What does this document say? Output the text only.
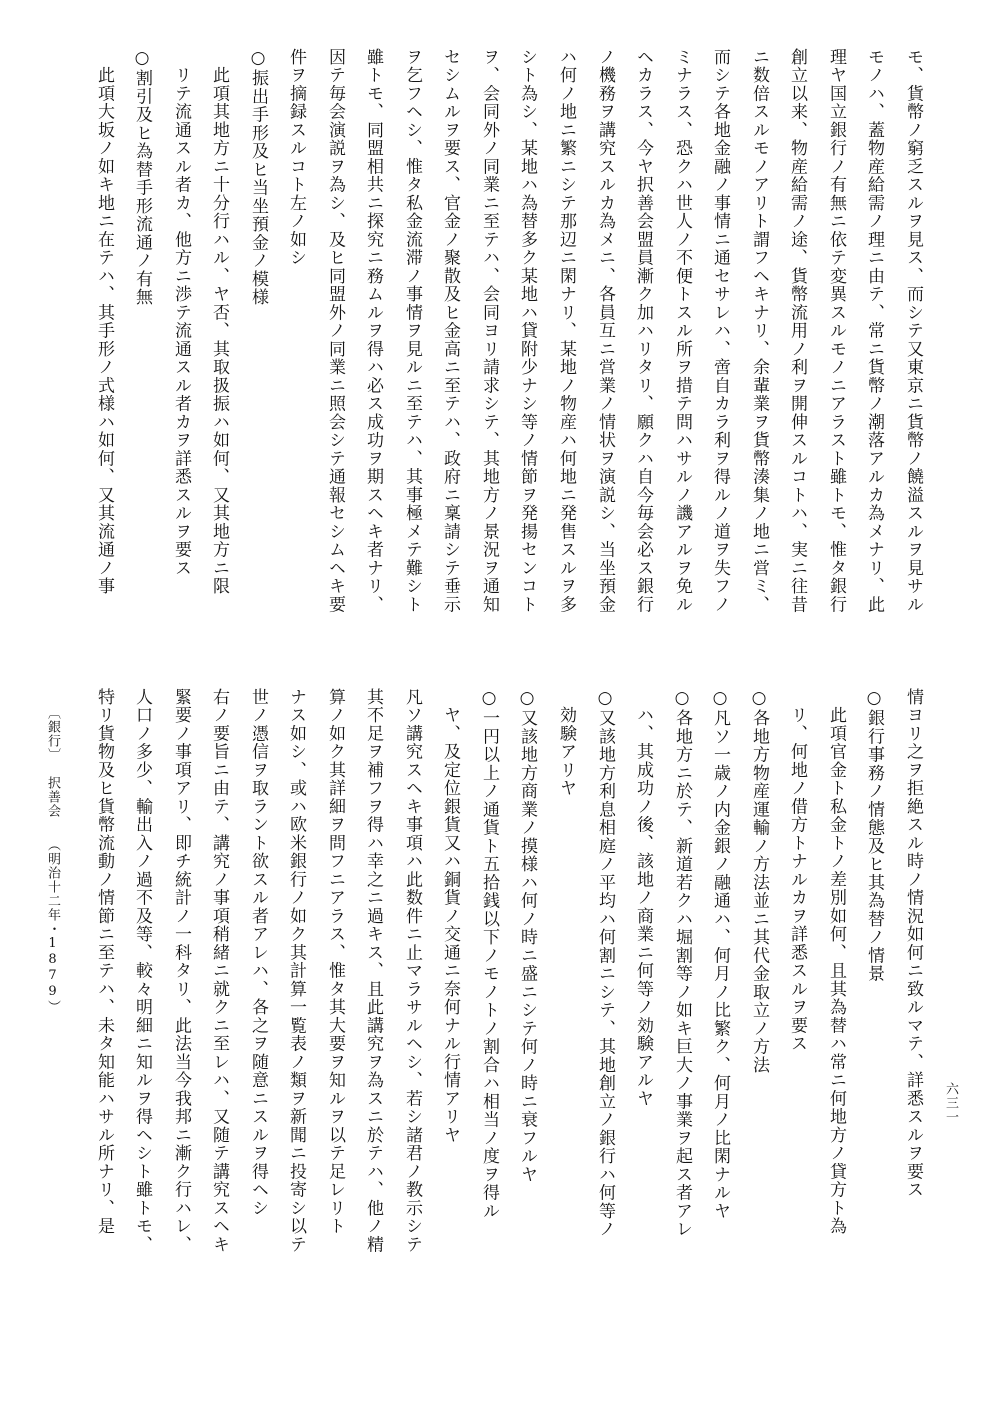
モ、貨幣ノ窮乏スルヲ見ス、而シテ又東京ニ貨幣ノ饒溢スルヲ見サル
モノハ、蓋物産給需ノ理ニ由テ、常ニ貨幣ノ潮落アルカ為メナリ、此
理ヤ国立銀行ノ有無ニ依テ変異スルモノニアラスト雖トモ、惟タ銀行
創立以来、物産給需ノ途、貨幣流用ノ利ヲ開伸スルコトハ、実ニ往昔
ニ数倍スルモノアリト謂フヘキナリ、余輩業ヲ貨幣湊集ノ地ニ営ミ、
而シテ各地金融ノ事情ニ通セサレハ、啻自カラ利ヲ得ルノ道ヲ失フノ
ミナラス、恐クハ世人ノ不便トスル所ヲ措テ問ハサルノ譏アルヲ免ル
ヘカラス、今ヤ択善会盟員漸ク加ハリタリ、願クハ自今毎会必ス銀行
ノ機務ヲ講究スルカ為メニ、各員互ニ営業ノ情状ヲ演説シ、当坐預金
ハ何ノ地ニ繁ニシテ那辺ニ閑ナリ、某地ノ物産ハ何地ニ発售スルヲ多
シト為シ、某地ハ為替多ク某地ハ貸附少ナシ等ノ情節ヲ発揚センコト
ヲ、会同外ノ同業ニ至テハ、会同ヨリ請求シテ、其地方ノ景況ヲ通知
セシムルヲ要ス、官金ノ聚散及ヒ金高ニ至テハ、政府ニ稟請シテ垂示
ヲ乞フヘシ、惟タ私金流滞ノ事情ヲ見ルニ至テハ、其事極メテ難シト
雖トモ、同盟相共ニ探究ニ務ムルヲ得ハ必ス成功ヲ期スヘキ者ナリ、
因テ毎会演説ヲ為シ、及ヒ同盟外ノ同業ニ照会シテ通報セシムヘキ要
件ヲ摘録スルコト左ノ如シ
○振出手形及ヒ当坐預金ノ模様
　此項其地方ニ十分行ハル、ヤ否、其取扱振ハ如何、又其地方ニ限
　リテ流通スル者カ、他方ニ渉テ流通スル者カヲ詳悉スルヲ要ス
○割引及ヒ為替手形流通ノ有無
　此項大坂ノ如キ地ニ在テハ、其手形ノ式様ハ如何、又其流通ノ事
〔銀行〕
択善会
（明治十二年・1879）	情ヨリ之ヲ拒絶スル時ノ情況如何ニ致ルマテ、詳悉スルヲ要ス
○銀行事務ノ情態及ヒ其為替ノ情景
　此項官金ト私金トノ差別如何、且其為替ハ常ニ何地方ノ貸方ト為
　リ、何地ノ借方トナルカヲ詳悉スルヲ要ス
○各地方物産運輸ノ方法並ニ其代金取立ノ方法
○凡ソ一歳ノ内金銀ノ融通ハ、何月ノ比繁ク、何月ノ比閑ナルヤ
○各地方ニ於テ、新道若クハ堀割等ノ如キ巨大ノ事業ヲ起ス者アレ
　ハ、其成功ノ後、該地ノ商業ニ何等ノ効験アルヤ
○又該地方利息相庭ノ平均ハ何割ニシテ、其地創立ノ銀行ハ何等ノ
　効験アリヤ
○又該地方商業ノ摸様ハ何ノ時ニ盛ニシテ何ノ時ニ衰フルヤ
○一円以上ノ通貨ト五拾銭以下ノモノトノ割合ハ相当ノ度ヲ得ル
　ヤ、及定位銀貨又ハ銅貨ノ交通ニ奈何ナル行情アリヤ
凡ソ講究スヘキ事項ハ此数件ニ止マラサルヘシ、若シ諸君ノ教示シテ
其不足ヲ補フヲ得ハ幸之ニ過キス、且此講究ヲ為スニ於テハ、他ノ精
算ノ如ク其詳細ヲ問フニアラス、惟タ其大要ヲ知ルヲ以テ足レリト
ナス如シ、或ハ欧米銀行ノ如ク其計算一覧表ノ類ヲ新聞ニ投寄シ以テ
世ノ憑信ヲ取ラント欲スル者アレハ、各之ヲ随意ニスルヲ得ヘシ
右ノ要旨ニ由テ、講究ノ事項稍緒ニ就クニ至レハ、又随テ講究スヘキ
緊要ノ事項アリ、即チ統計ノ一科タリ、此法当今我邦ニ漸ク行ハレ、
人口ノ多少、輸出入ノ過不及等、較々明細ニ知ルヲ得ヘシト雖トモ、
特リ貨物及ヒ貨幣流動ノ情節ニ至テハ、未タ知能ハサル所ナリ、是	六三一
